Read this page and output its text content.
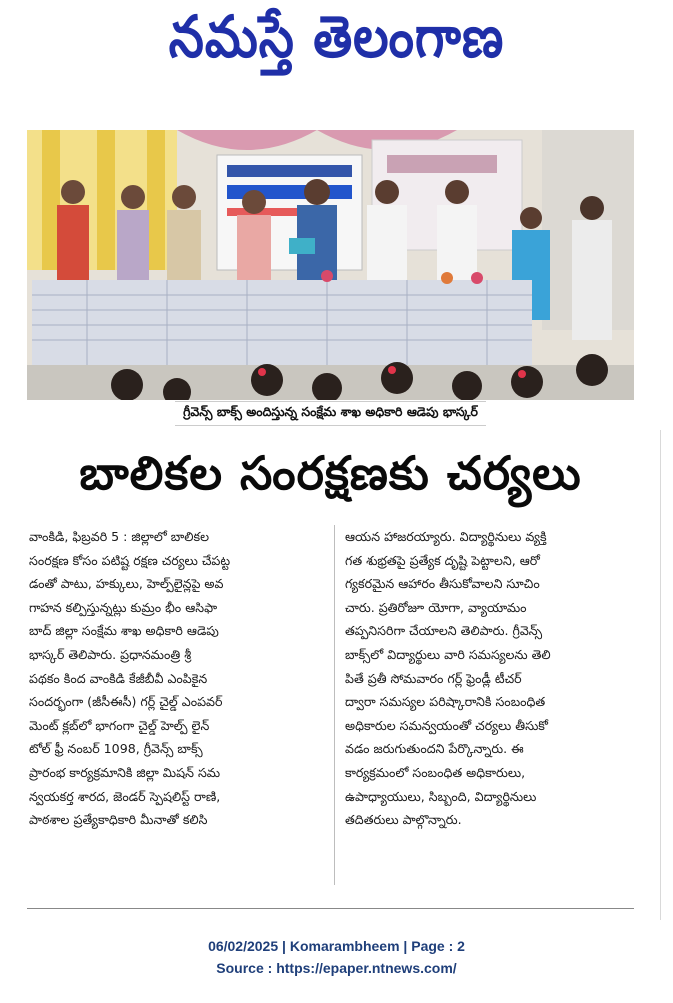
నమస్తే తెలంగాణ
గ్రీవెన్స్ బాక్స్ అందిస్తున్న సంక్షేమ శాఖ అధికారి ఆడెపు భాస్కర్
బాలికల సంరక్షణకు చర్యలు
వాంకిడి, ఫిబ్రవరి 5 : జిల్లాలో బాలికల
సంరక్షణ కోసం పటిష్ట రక్షణ చర్యలు చేపట్ట
డంతో పాటు, హక్కులు, హెల్ప్‌లైన్లపై అవ
గాహన కల్పిస్తున్నట్లు కుమ్రం భీం ఆసిఫా
బాద్ జిల్లా సంక్షేమ శాఖ అధికారి ఆడెపు
భాస్కర్ తెలిపారు. ప్రధానమంత్రి శ్రీ
పథకం కింద వాంకిడి కేజీబీవీ ఎంపికైన
సందర్భంగా (జీసీఈసీ) గర్ల్ చైల్డ్ ఎంపవర్
మెంట్ క్లబ్‌లో భాగంగా చైల్డ్ హెల్ప్ లైన్
టోల్ ఫ్రీ నంబర్ 1098, గ్రీవెన్స్ బాక్స్
ప్రారంభ కార్యక్రమానికి జిల్లా మిషన్ సమ
న్వయకర్త శారద, జెండర్ స్పెషలిస్ట్ రాణి,
పాఠశాల ప్రత్యేకాధికారి మీనాతో కలిసి
ఆయన హాజరయ్యారు. విద్యార్థినులు వ్యక్తి
గత శుభ్రతపై ప్రత్యేక దృష్టి పెట్టాలని, ఆరో
గ్యకరమైన ఆహారం తీసుకోవాలని సూచిం
చారు. ప్రతిరోజూ యోగా, వ్యాయామం
తప్పనిసరిగా చేయాలని తెలిపారు. గ్రీవెన్స్
బాక్స్‌లో విద్యార్థులు వారి సమస్యలను తెలి
పితే ప్రతీ సోమవారం గర్ల్ ఫ్రెండ్లీ టీచర్
ద్వారా సమస్యల పరిష్కారానికి సంబంధిత
అధికారుల సమన్వయంతో చర్యలు తీసుకో
వడం జరుగుతుందని పేర్కొన్నారు. ఈ
కార్యక్రమంలో సంబంధిత అధికారులు,
ఉపాధ్యాయులు, సిబ్బంది, విద్యార్థినులు
తదితరులు పాల్గొన్నారు.
06/02/2025 | Komarambheem | Page : 2
Source : https://epaper.ntnews.com/
